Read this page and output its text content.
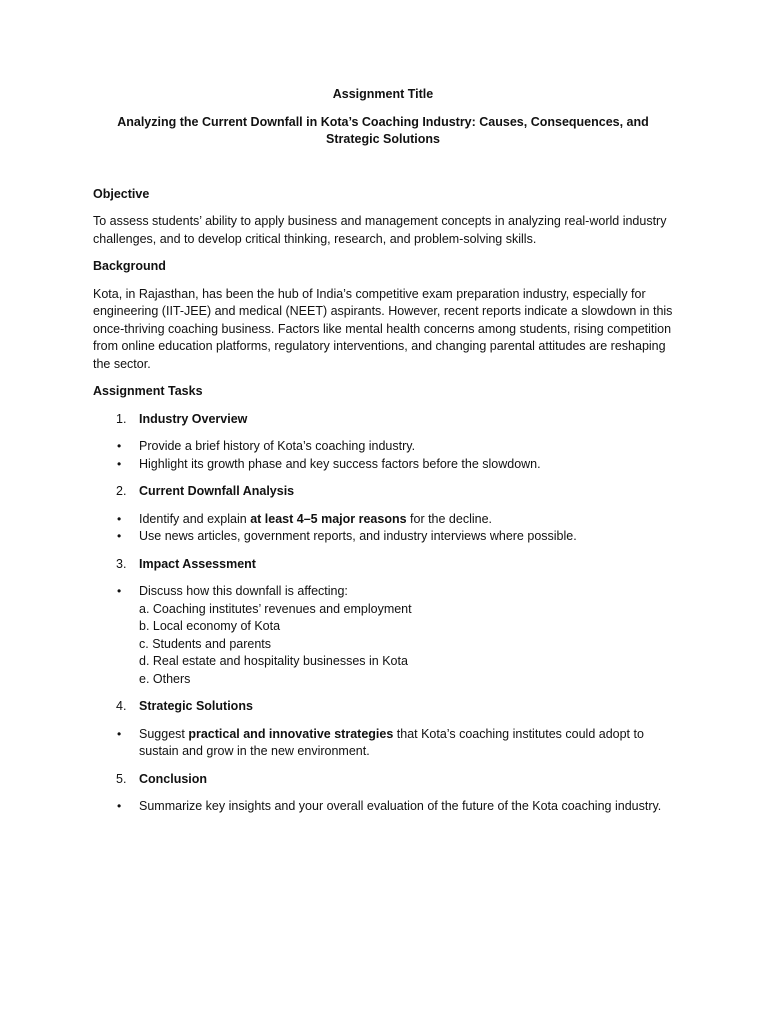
Assignment Title
Analyzing the Current Downfall in Kota’s Coaching Industry: Causes, Consequences, and Strategic Solutions
Objective
To assess students’ ability to apply business and management concepts in analyzing real-world industry challenges, and to develop critical thinking, research, and problem-solving skills.
Background
Kota, in Rajasthan, has been the hub of India’s competitive exam preparation industry, especially for engineering (IIT-JEE) and medical (NEET) aspirants. However, recent reports indicate a slowdown in this once-thriving coaching business. Factors like mental health concerns among students, rising competition from online education platforms, regulatory interventions, and changing parental attitudes are reshaping the sector.
Assignment Tasks
1. Industry Overview
• Provide a brief history of Kota’s coaching industry.
• Highlight its growth phase and key success factors before the slowdown.
2. Current Downfall Analysis
• Identify and explain at least 4–5 major reasons for the decline.
• Use news articles, government reports, and industry interviews where possible.
3. Impact Assessment
• Discuss how this downfall is affecting:
a. Coaching institutes’ revenues and employment
b. Local economy of Kota
c. Students and parents
d. Real estate and hospitality businesses in Kota
e. Others
4. Strategic Solutions
• Suggest practical and innovative strategies that Kota’s coaching institutes could adopt to sustain and grow in the new environment.
5. Conclusion
• Summarize key insights and your overall evaluation of the future of the Kota coaching industry.
